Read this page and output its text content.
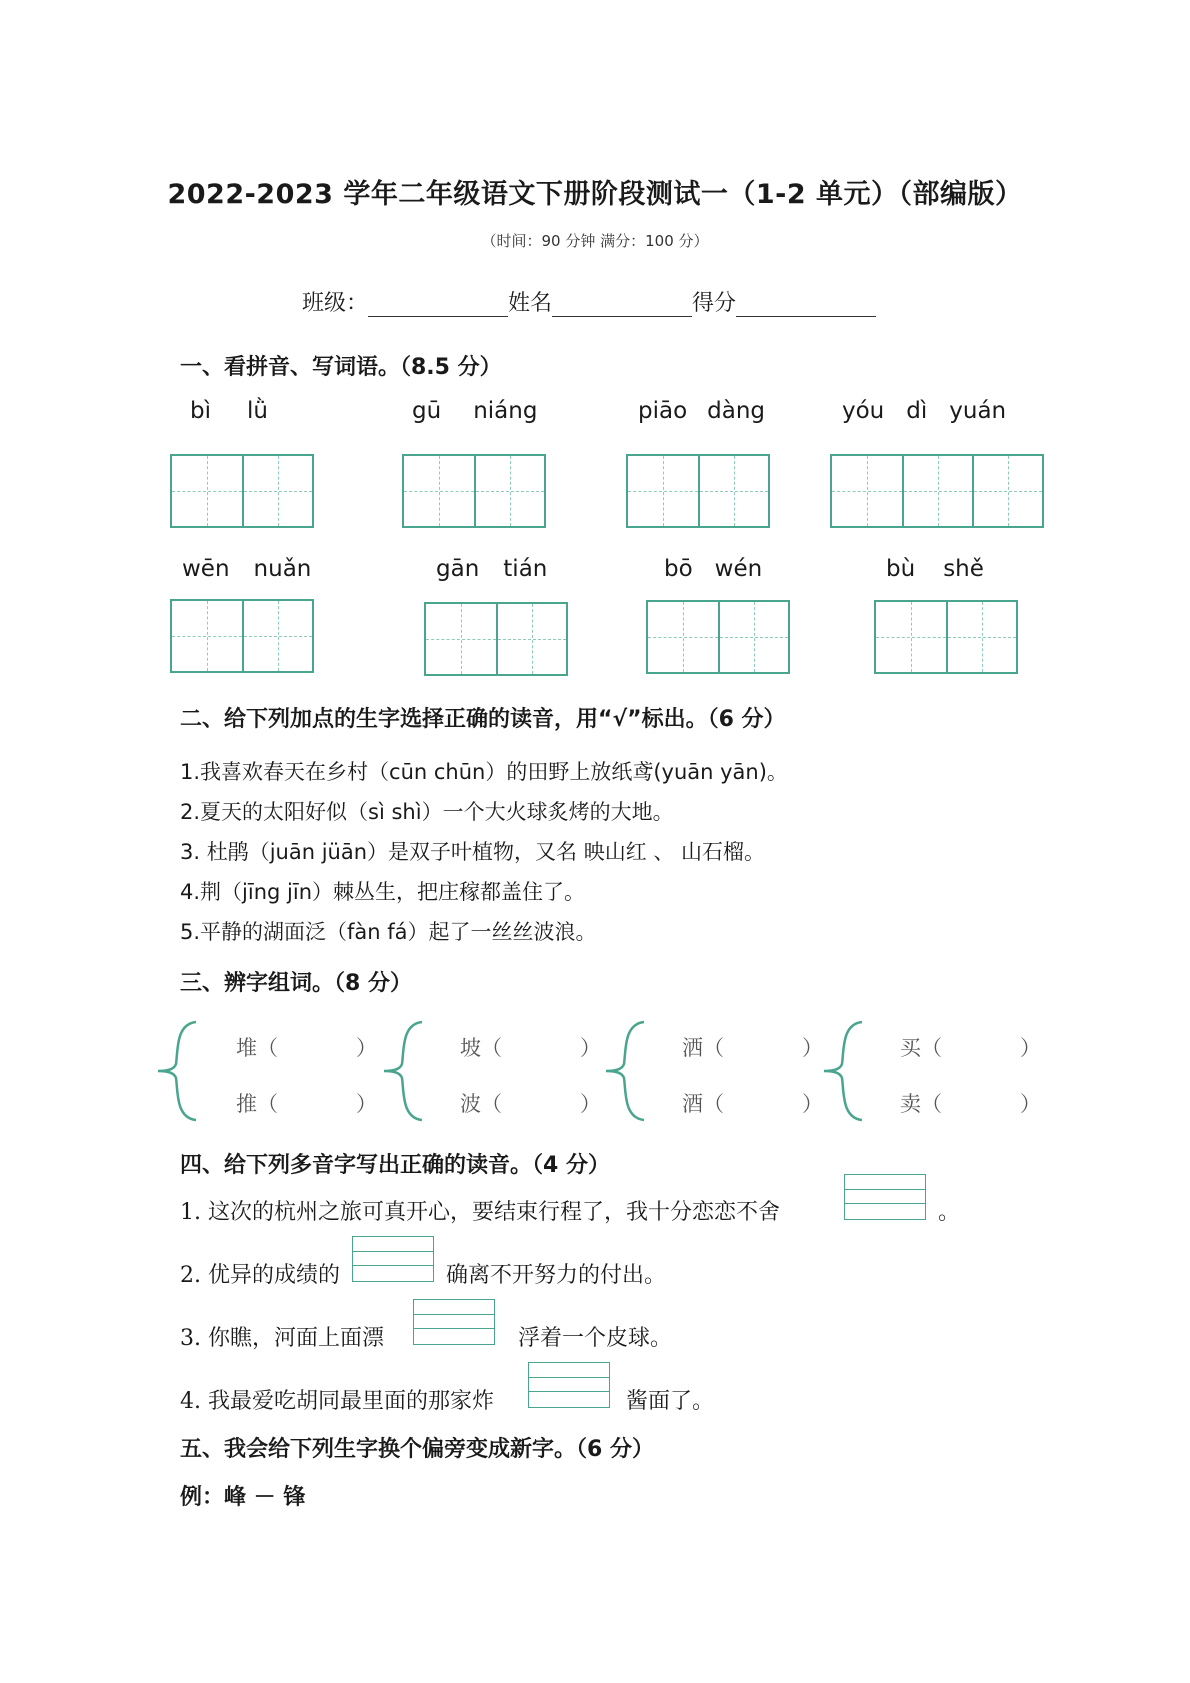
2022-2023 学年二年级语文下册阶段测试一（1-2 单元）（部编版）
（时间：90 分钟 满分：100 分）
班级：	姓名	得分
一、看拼音、写词语。（8.5 分）
bì lǜ	gū niáng	piāo dàng	yóu dì yuán
wēn nuǎn	gān tián	bō wén	bù shě
二、给下列加点的生字选择正确的读音，用“√”标出。（6 分）
1.我喜欢春天在乡村（cūn chūn）的田野上放纸鸢(yuān yān)。
2.夏天的太阳好似（sì shì）一个大火球炙烤的大地。
3. 杜鹃（juān jüān）是双子叶植物，又名 映山红 、 山石榴。
4.荆（jīng jīn）棘丛生，把庄稼都盖住了。
5.平静的湖面泛（fàn fá）起了一丝丝波浪。
三、辨字组词。（8 分）
堆（	）
推（	）
坡（	）
波（	）
洒（	）
酒（	）
买（	）
卖（	）
四、给下列多音字写出正确的读音。（4 分）
1. 这次的杭州之旅可真开心，要结束行程了，我十分恋恋不舍	。
2. 优异的成绩的	确离不开努力的付出。
3. 你瞧，河面上面漂	浮着一个皮球。
4. 我最爱吃胡同最里面的那家炸	酱面了。
五、我会给下列生字换个偏旁变成新字。（6 分）
例：峰 － 锋
